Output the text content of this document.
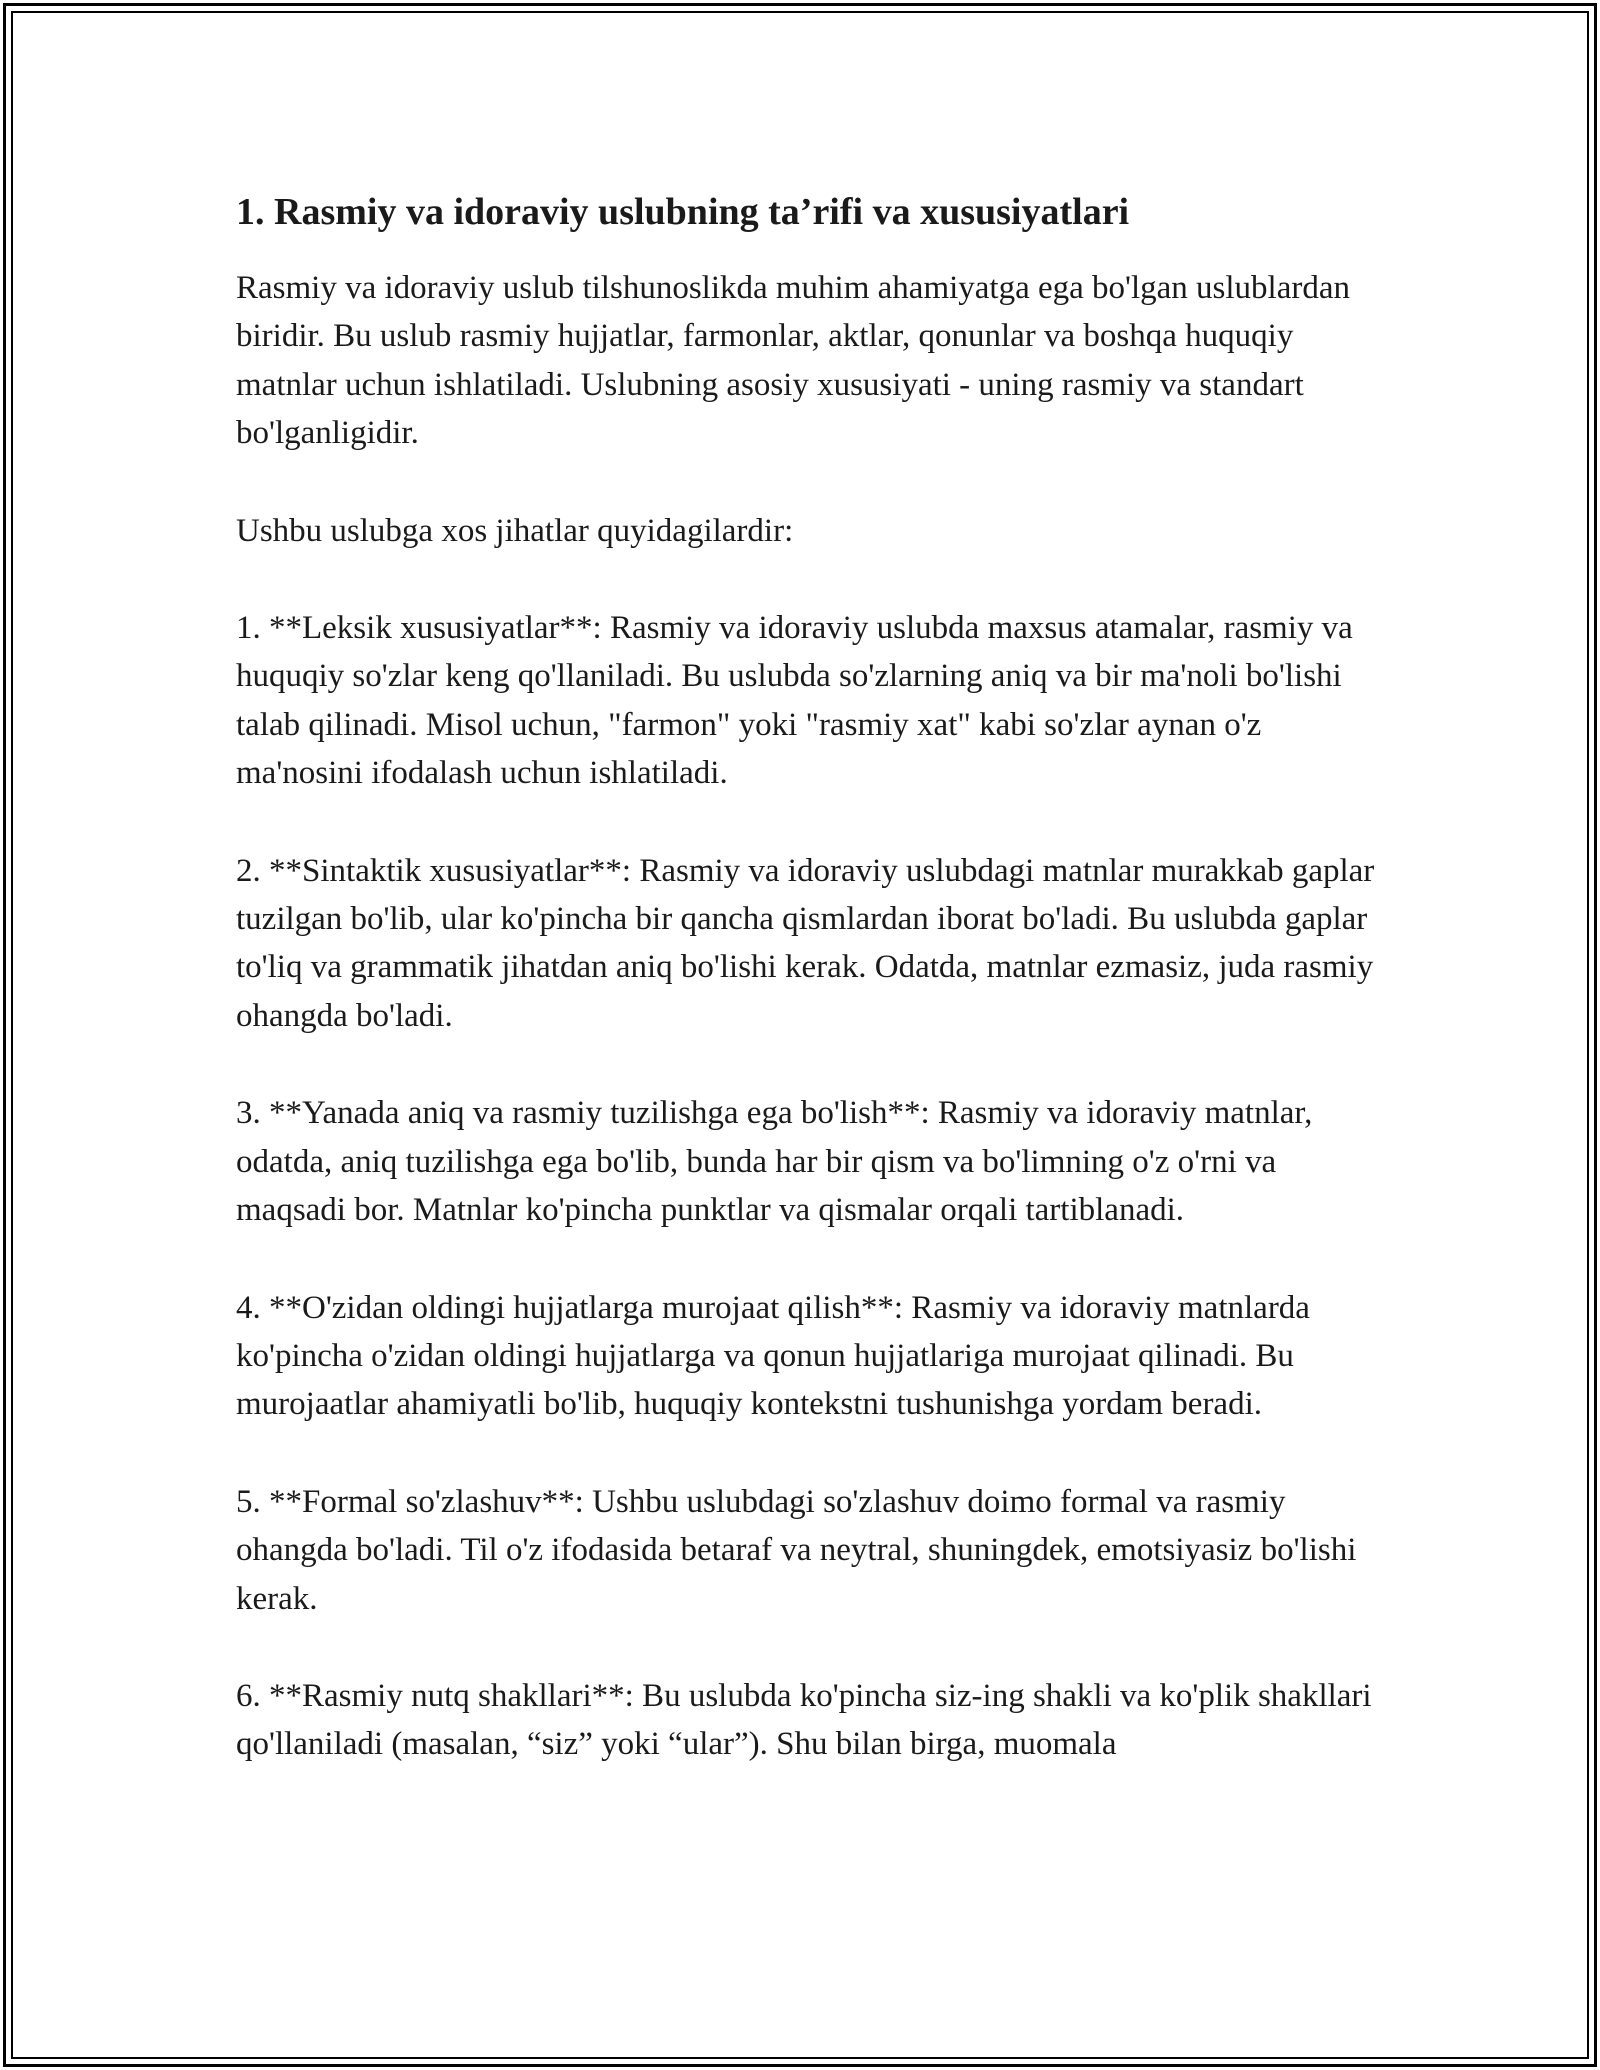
1. Rasmiy va idoraviy uslubning ta’rifi va xususiyatlari

Rasmiy va idoraviy uslub tilshunoslikda muhim ahamiyatga ega bo'lgan uslublardan biridir. Bu uslub rasmiy hujjatlar, farmonlar, aktlar, qonunlar va boshqa huquqiy matnlar uchun ishlatiladi. Uslubning asosiy xususiyati - uning rasmiy va standart bo'lganligidir.

Ushbu uslubga xos jihatlar quyidagilardir:

1. **Leksik xususiyatlar**: Rasmiy va idoraviy uslubda maxsus atamalar, rasmiy va huquqiy so'zlar keng qo'llaniladi. Bu uslubda so'zlarning aniq va bir ma'noli bo'lishi talab qilinadi. Misol uchun, "farmon" yoki "rasmiy xat" kabi so'zlar aynan o'z ma'nosini ifodalash uchun ishlatiladi.

2. **Sintaktik xususiyatlar**: Rasmiy va idoraviy uslubdagi matnlar murakkab gaplar tuzilgan bo'lib, ular ko'pincha bir qancha qismlardan iborat bo'ladi. Bu uslubda gaplar to'liq va grammatik jihatdan aniq bo'lishi kerak. Odatda, matnlar ezmasiz, juda rasmiy ohangda bo'ladi.

3. **Yanada aniq va rasmiy tuzilishga ega bo'lish**: Rasmiy va idoraviy matnlar, odatda, aniq tuzilishga ega bo'lib, bunda har bir qism va bo'limning o'z o'rni va maqsadi bor. Matnlar ko'pincha punktlar va qismalar orqali tartiblanadi.

4. **O'zidan oldingi hujjatlarga murojaat qilish**: Rasmiy va idoraviy matnlarda ko'pincha o'zidan oldingi hujjatlarga va qonun hujjatlariga murojaat qilinadi. Bu murojaatlar ahamiyatli bo'lib, huquqiy kontekstni tushunishga yordam beradi.

5. **Formal so'zlashuv**: Ushbu uslubdagi so'zlashuv doimo formal va rasmiy ohangda bo'ladi. Til o'z ifodasida betaraf va neytral, shuningdek, emotsiyasiz bo'lishi kerak.

6. **Rasmiy nutq shakllari**: Bu uslubda ko'pincha siz-ing shakli va ko'plik shakllari qo'llaniladi (masalan, “siz” yoki “ular”). Shu bilan birga, muomala
